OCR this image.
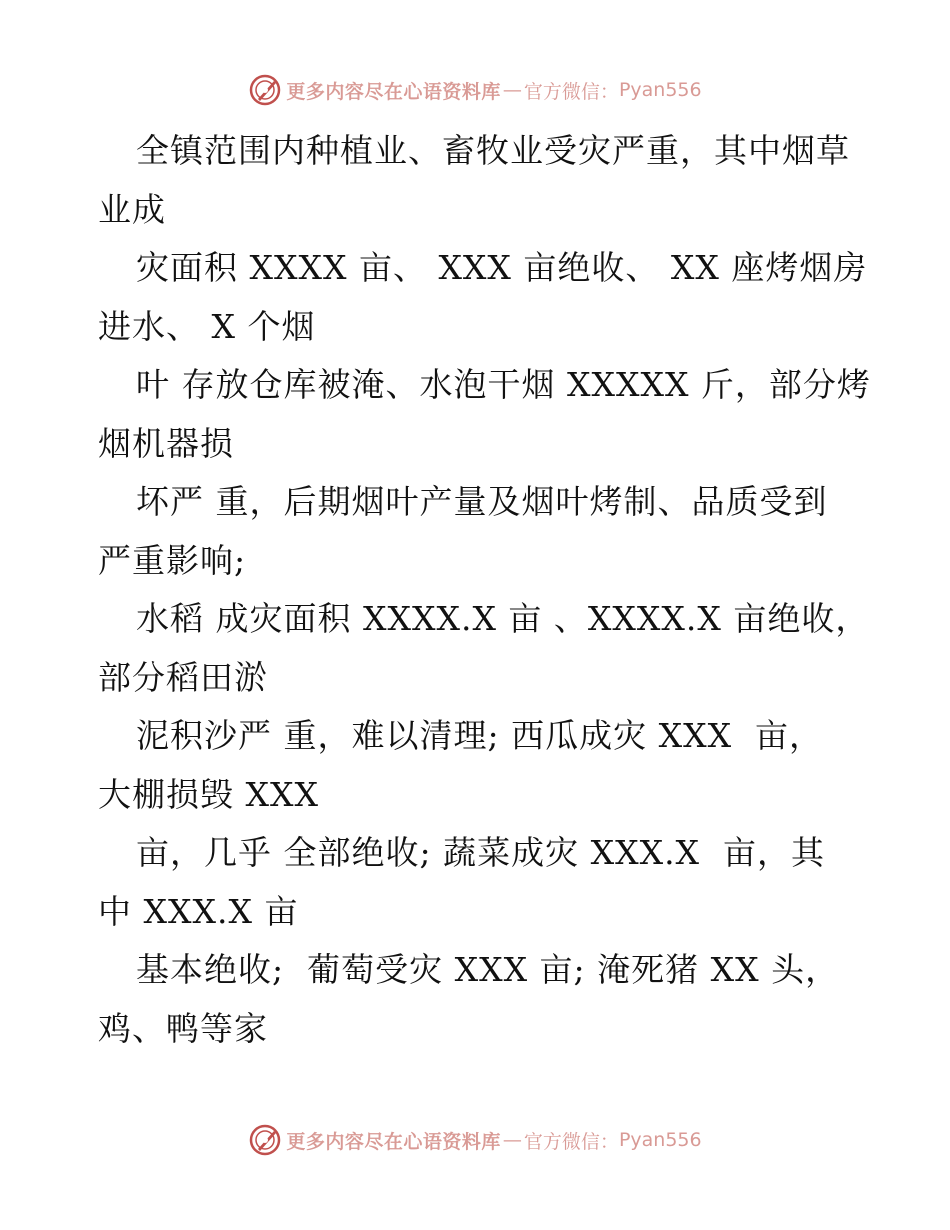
更多内容尽在心语资料库 — 官方微信： Pyan556
全镇范围内种植业、畜牧业受灾严重，其中烟草
业成
灾面积 XXXX 亩、 XXX 亩绝收、 XX 座烤烟房
进水、 X 个烟
叶 存放仓库被淹、水泡干烟 XXXXX 斤，部分烤
烟机器损
坏严 重，后期烟叶产量及烟叶烤制、品质受到
严重影响;
水稻 成灾面积 XXXX.X 亩 、XXXX.X 亩绝收，
部分稻田淤
泥积沙严 重，难以清理; 西瓜成灾 XXX  亩，
大棚损毁 XXX
亩，几乎 全部绝收; 蔬菜成灾 XXX.X  亩，其
中 XXX.X 亩
基本绝收;  葡萄受灾 XXX 亩; 淹死猪 XX 头，
鸡、鸭等家
更多内容尽在心语资料库 — 官方微信： Pyan556
